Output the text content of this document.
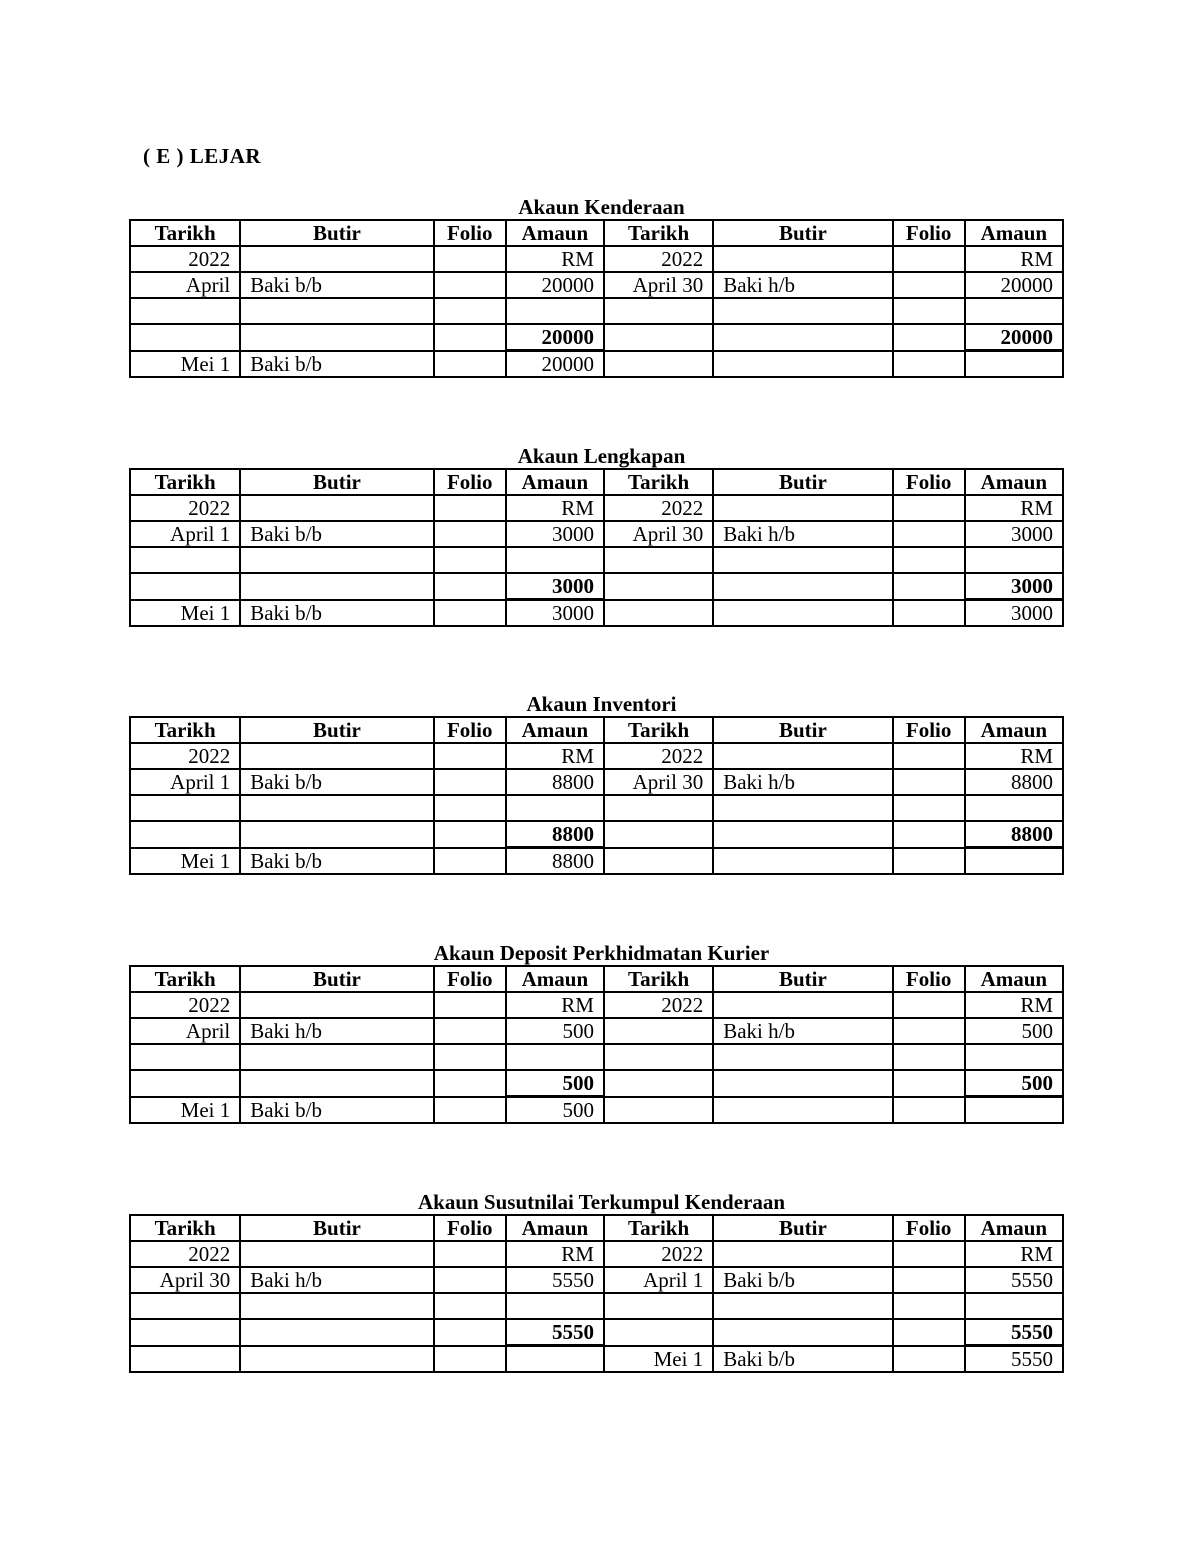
( E ) LEJAR
Akaun Kenderaan
Tarikh	Butir	Folio	Amaun	Tarikh	Butir	Folio	Amaun
2022			RM	2022			RM
April	Baki b/b		20000	April 30	Baki h/b		20000

			20000				20000
Mei 1	Baki b/b		20000				
Akaun Lengkapan
Tarikh	Butir	Folio	Amaun	Tarikh	Butir	Folio	Amaun
2022			RM	2022			RM
April 1	Baki b/b		3000	April 30	Baki h/b		3000

			3000				3000
Mei 1	Baki b/b		3000				3000
Akaun Inventori
Tarikh	Butir	Folio	Amaun	Tarikh	Butir	Folio	Amaun
2022			RM	2022			RM
April 1	Baki b/b		8800	April 30	Baki h/b		8800

			8800				8800
Mei 1	Baki b/b		8800				
Akaun Deposit Perkhidmatan Kurier
Tarikh	Butir	Folio	Amaun	Tarikh	Butir	Folio	Amaun
2022			RM	2022			RM
April	Baki h/b		500		Baki h/b		500

			500				500
Mei 1	Baki b/b		500				
Akaun Susutnilai Terkumpul Kenderaan
Tarikh	Butir	Folio	Amaun	Tarikh	Butir	Folio	Amaun
2022			RM	2022			RM
April 30	Baki h/b		5550	April 1	Baki b/b		5550

			5550				5550
				Mei 1	Baki b/b		5550
